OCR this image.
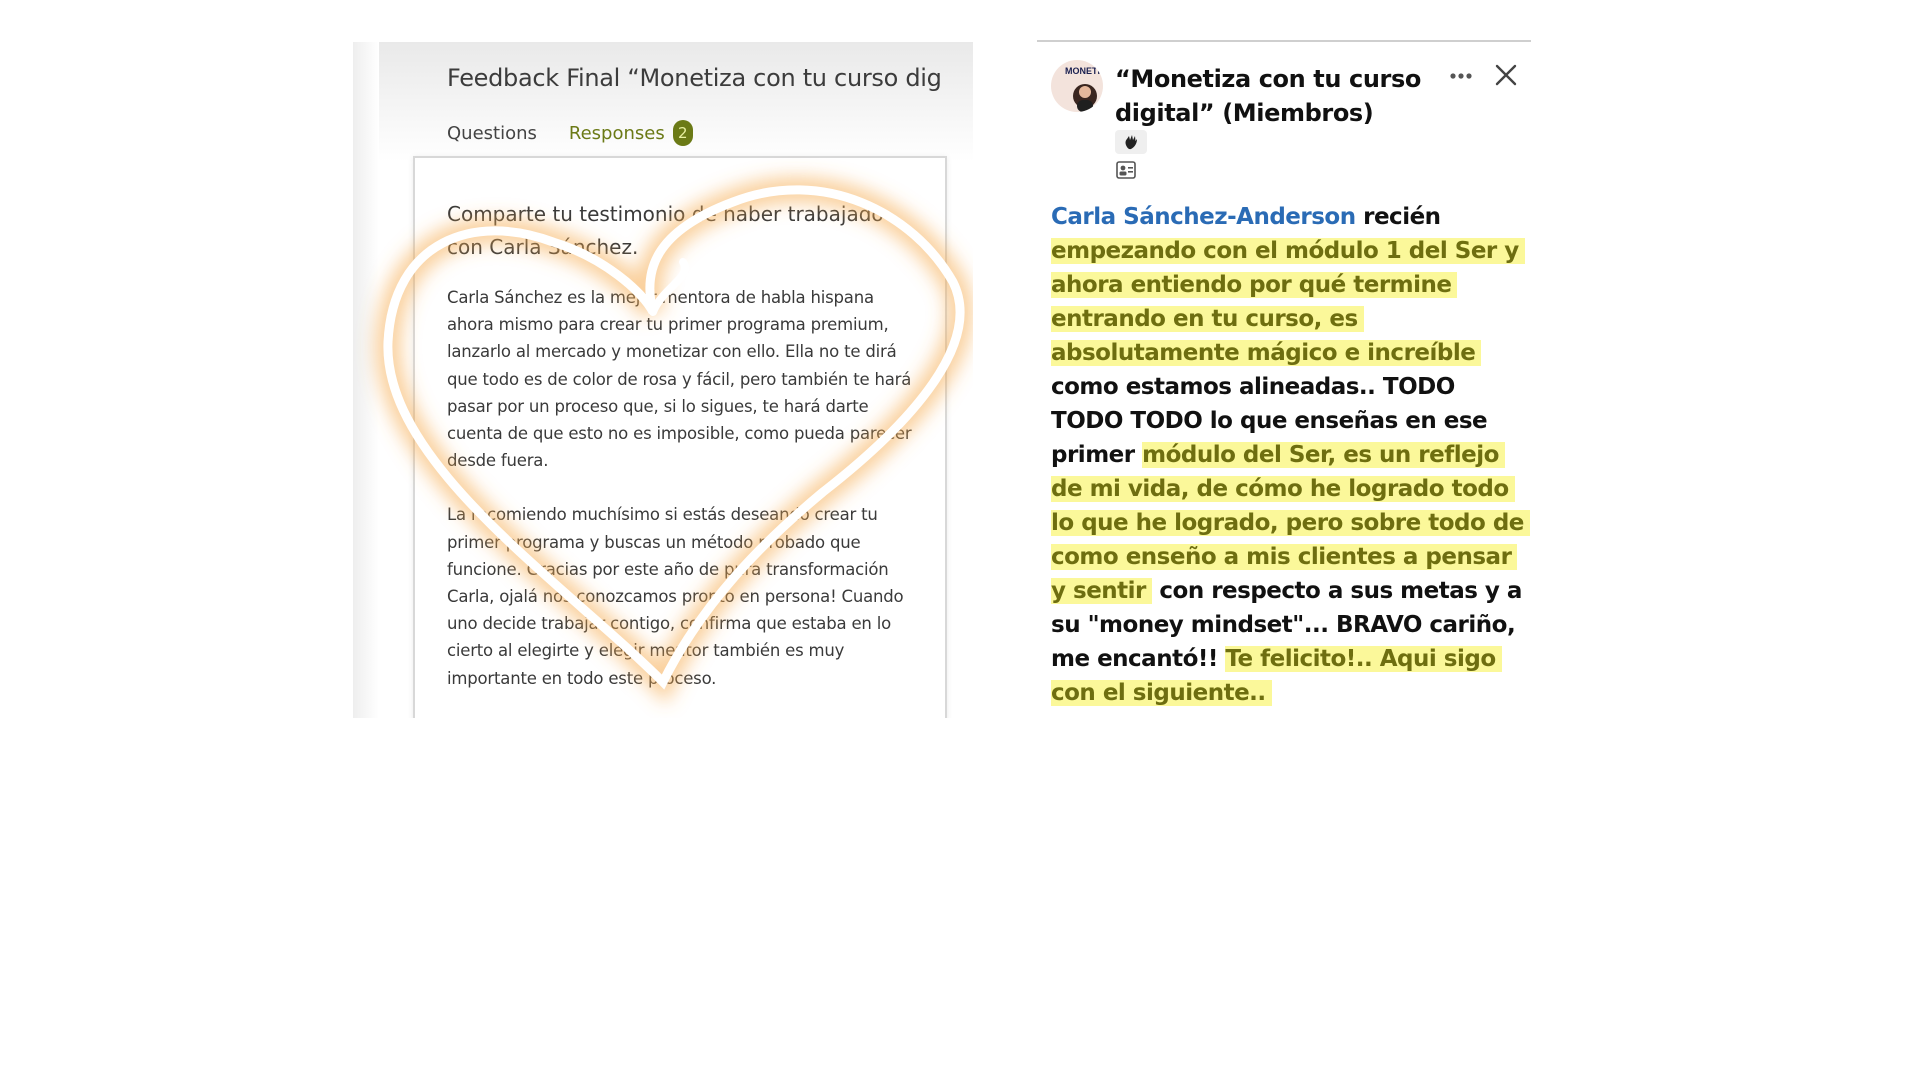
Feedback Final “Monetiza con tu curso dig
Questions Responses 2
Comparte tu testimonio de haber trabajado con Carla Sánchez.

Carla Sánchez es la mejor mentora de habla hispana ahora mismo para crear tu primer programa premium, lanzarlo al mercado y monetizar con ello. Ella no te dirá que todo es de color de rosa y fácil, pero también te hará pasar por un proceso que, si lo sigues, te hará darte cuenta de que esto no es imposible, como pueda parecer desde fuera.

La recomiendo muchísimo si estás deseando crear tu primer programa y buscas un método probado que funcione. Gracias por este año de pura transformación Carla, ojalá nos conozcamos pronto en persona! Cuando uno decide trabajar contigo, confirma que estaba en lo cierto al elegirte y elegir mentor también es muy importante en todo este proceso.

MONETI “Monetiza con tu curso digital” (Miembros)
Carla Sánchez-Anderson recién empezando con el módulo 1 del Ser y ahora entiendo por qué termine entrando en tu curso, es absolutamente mágico e increíble como estamos alineadas.. TODO TODO TODO lo que enseñas en ese primer módulo del Ser, es un reflejo de mi vida, de cómo he logrado todo lo que he logrado, pero sobre todo de como enseño a mis clientes a pensar y sentir con respecto a sus metas y a su "money mindset"... BRAVO cariño, me encantó!! Te felicito!.. Aqui sigo con el siguiente..
